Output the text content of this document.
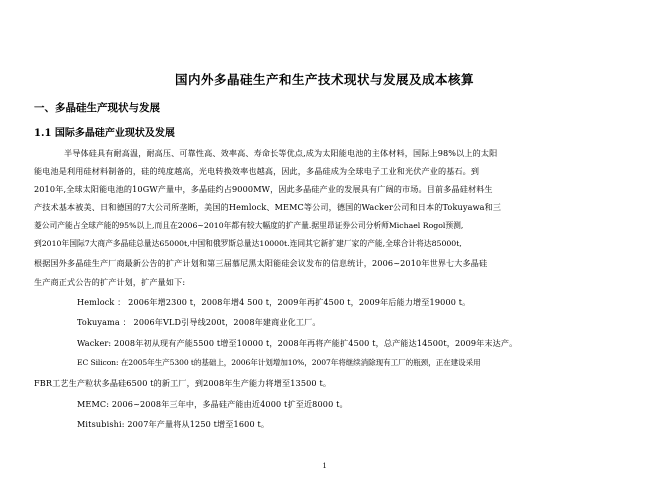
国内外多晶硅生产和生产技术现状与发展及成本核算
一、多晶硅生产现状与发展
1.1 国际多晶硅产业现状及发展
半导体硅具有耐高温，耐高压、可靠性高、效率高、寿命长等优点,成为太阳能电池的主体材料，国际上98%以上的太阳
能电池是利用硅材料制备的，硅的纯度越高，光电转换效率也越高，因此，多晶硅成为全球电子工业和光伏产业的基石。到
2010年,全球太阳能电池的10GW产量中，多晶硅约占9000MW，因此多晶硅产业的发展具有广阔的市场。目前多晶硅材料生
产技术基本被美、日和德国的7大公司所垄断，美国的Hemlock、MEMC等公司，德国的Wacker公司和日本的Tokuyawa和三
菱公司产能占全球产能的95%以上,而且在2006~2010年都有较大幅度的扩产量.据里昂证券公司分析师Michael Rogol预测,
到2010年国际7大商产多晶硅总量达65000t,中国和俄罗斯总量达10000t.连同其它新扩建厂家的产能,全球合计将达85000t,
根据国外多晶硅生产厂商最新公告的扩产计划和第三届慕尼黑太阳能硅会议发布的信息统计，2006~2010年世界七大多晶硅
生产商正式公告的扩产计划，扩产量如下:
Hemlock ： 2006年增2300 t，2008年增4 500 t，2009年再扩4500 t，2009年后能力增至19000 t。
Tokuyama ： 2006年VLD引导线200t，2008年建商业化工厂。
Wacker: 2008年初从现有产能5500 t增至10000 t，2008年再将产能扩4500 t，总产能达14500t，2009年末达产。
EC Silicon: 在2005年生产5300 t的基础上，2006年计划增加10%，2007年将继续消除现有工厂的瓶颈，正在建设采用
FBR工艺生产粒状多晶硅6500 t的新工厂，到2008年生产能力将增至13500 t。
MEMC: 2006~2008年三年中，多晶硅产能由近4000 t扩至近8000 t。
Mitsubishi: 2007年产量将从1250 t增至1600 t。
1
